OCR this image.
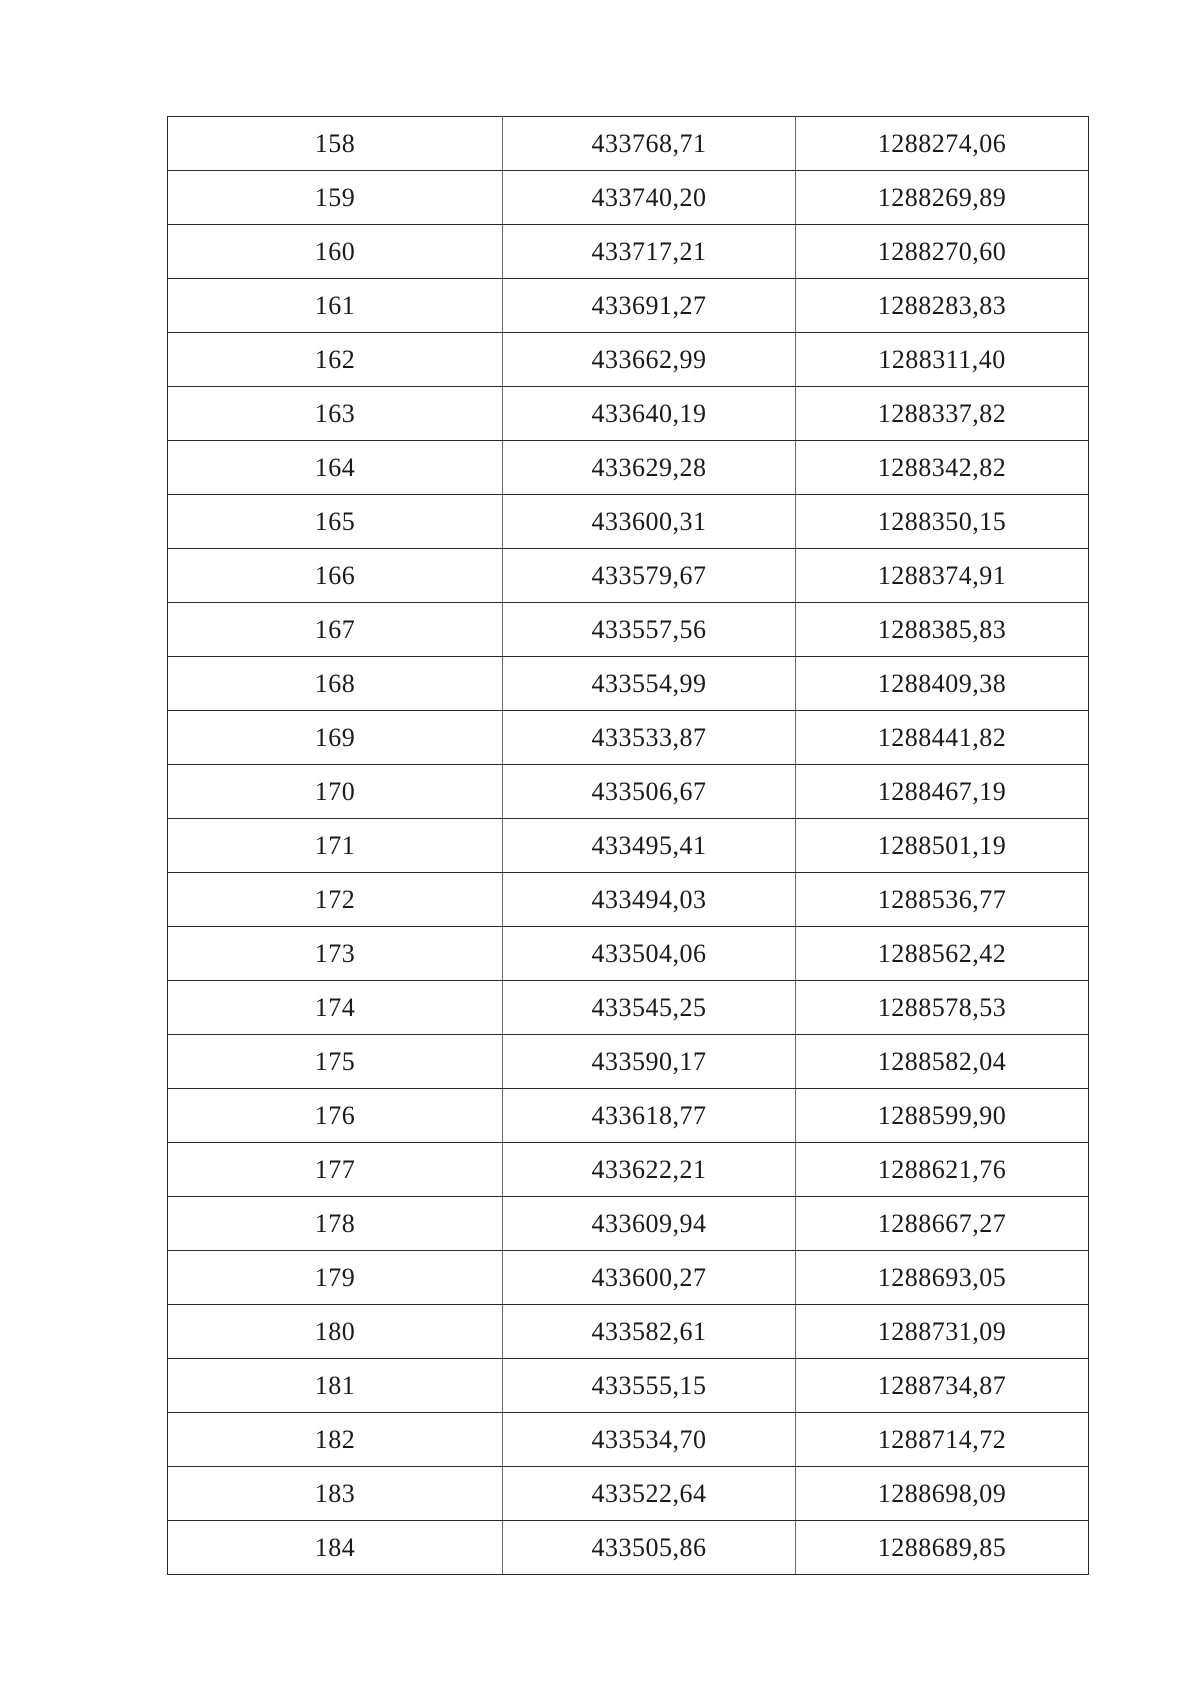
158	433768,71	1288274,06
159	433740,20	1288269,89
160	433717,21	1288270,60
161	433691,27	1288283,83
162	433662,99	1288311,40
163	433640,19	1288337,82
164	433629,28	1288342,82
165	433600,31	1288350,15
166	433579,67	1288374,91
167	433557,56	1288385,83
168	433554,99	1288409,38
169	433533,87	1288441,82
170	433506,67	1288467,19
171	433495,41	1288501,19
172	433494,03	1288536,77
173	433504,06	1288562,42
174	433545,25	1288578,53
175	433590,17	1288582,04
176	433618,77	1288599,90
177	433622,21	1288621,76
178	433609,94	1288667,27
179	433600,27	1288693,05
180	433582,61	1288731,09
181	433555,15	1288734,87
182	433534,70	1288714,72
183	433522,64	1288698,09
184	433505,86	1288689,85
